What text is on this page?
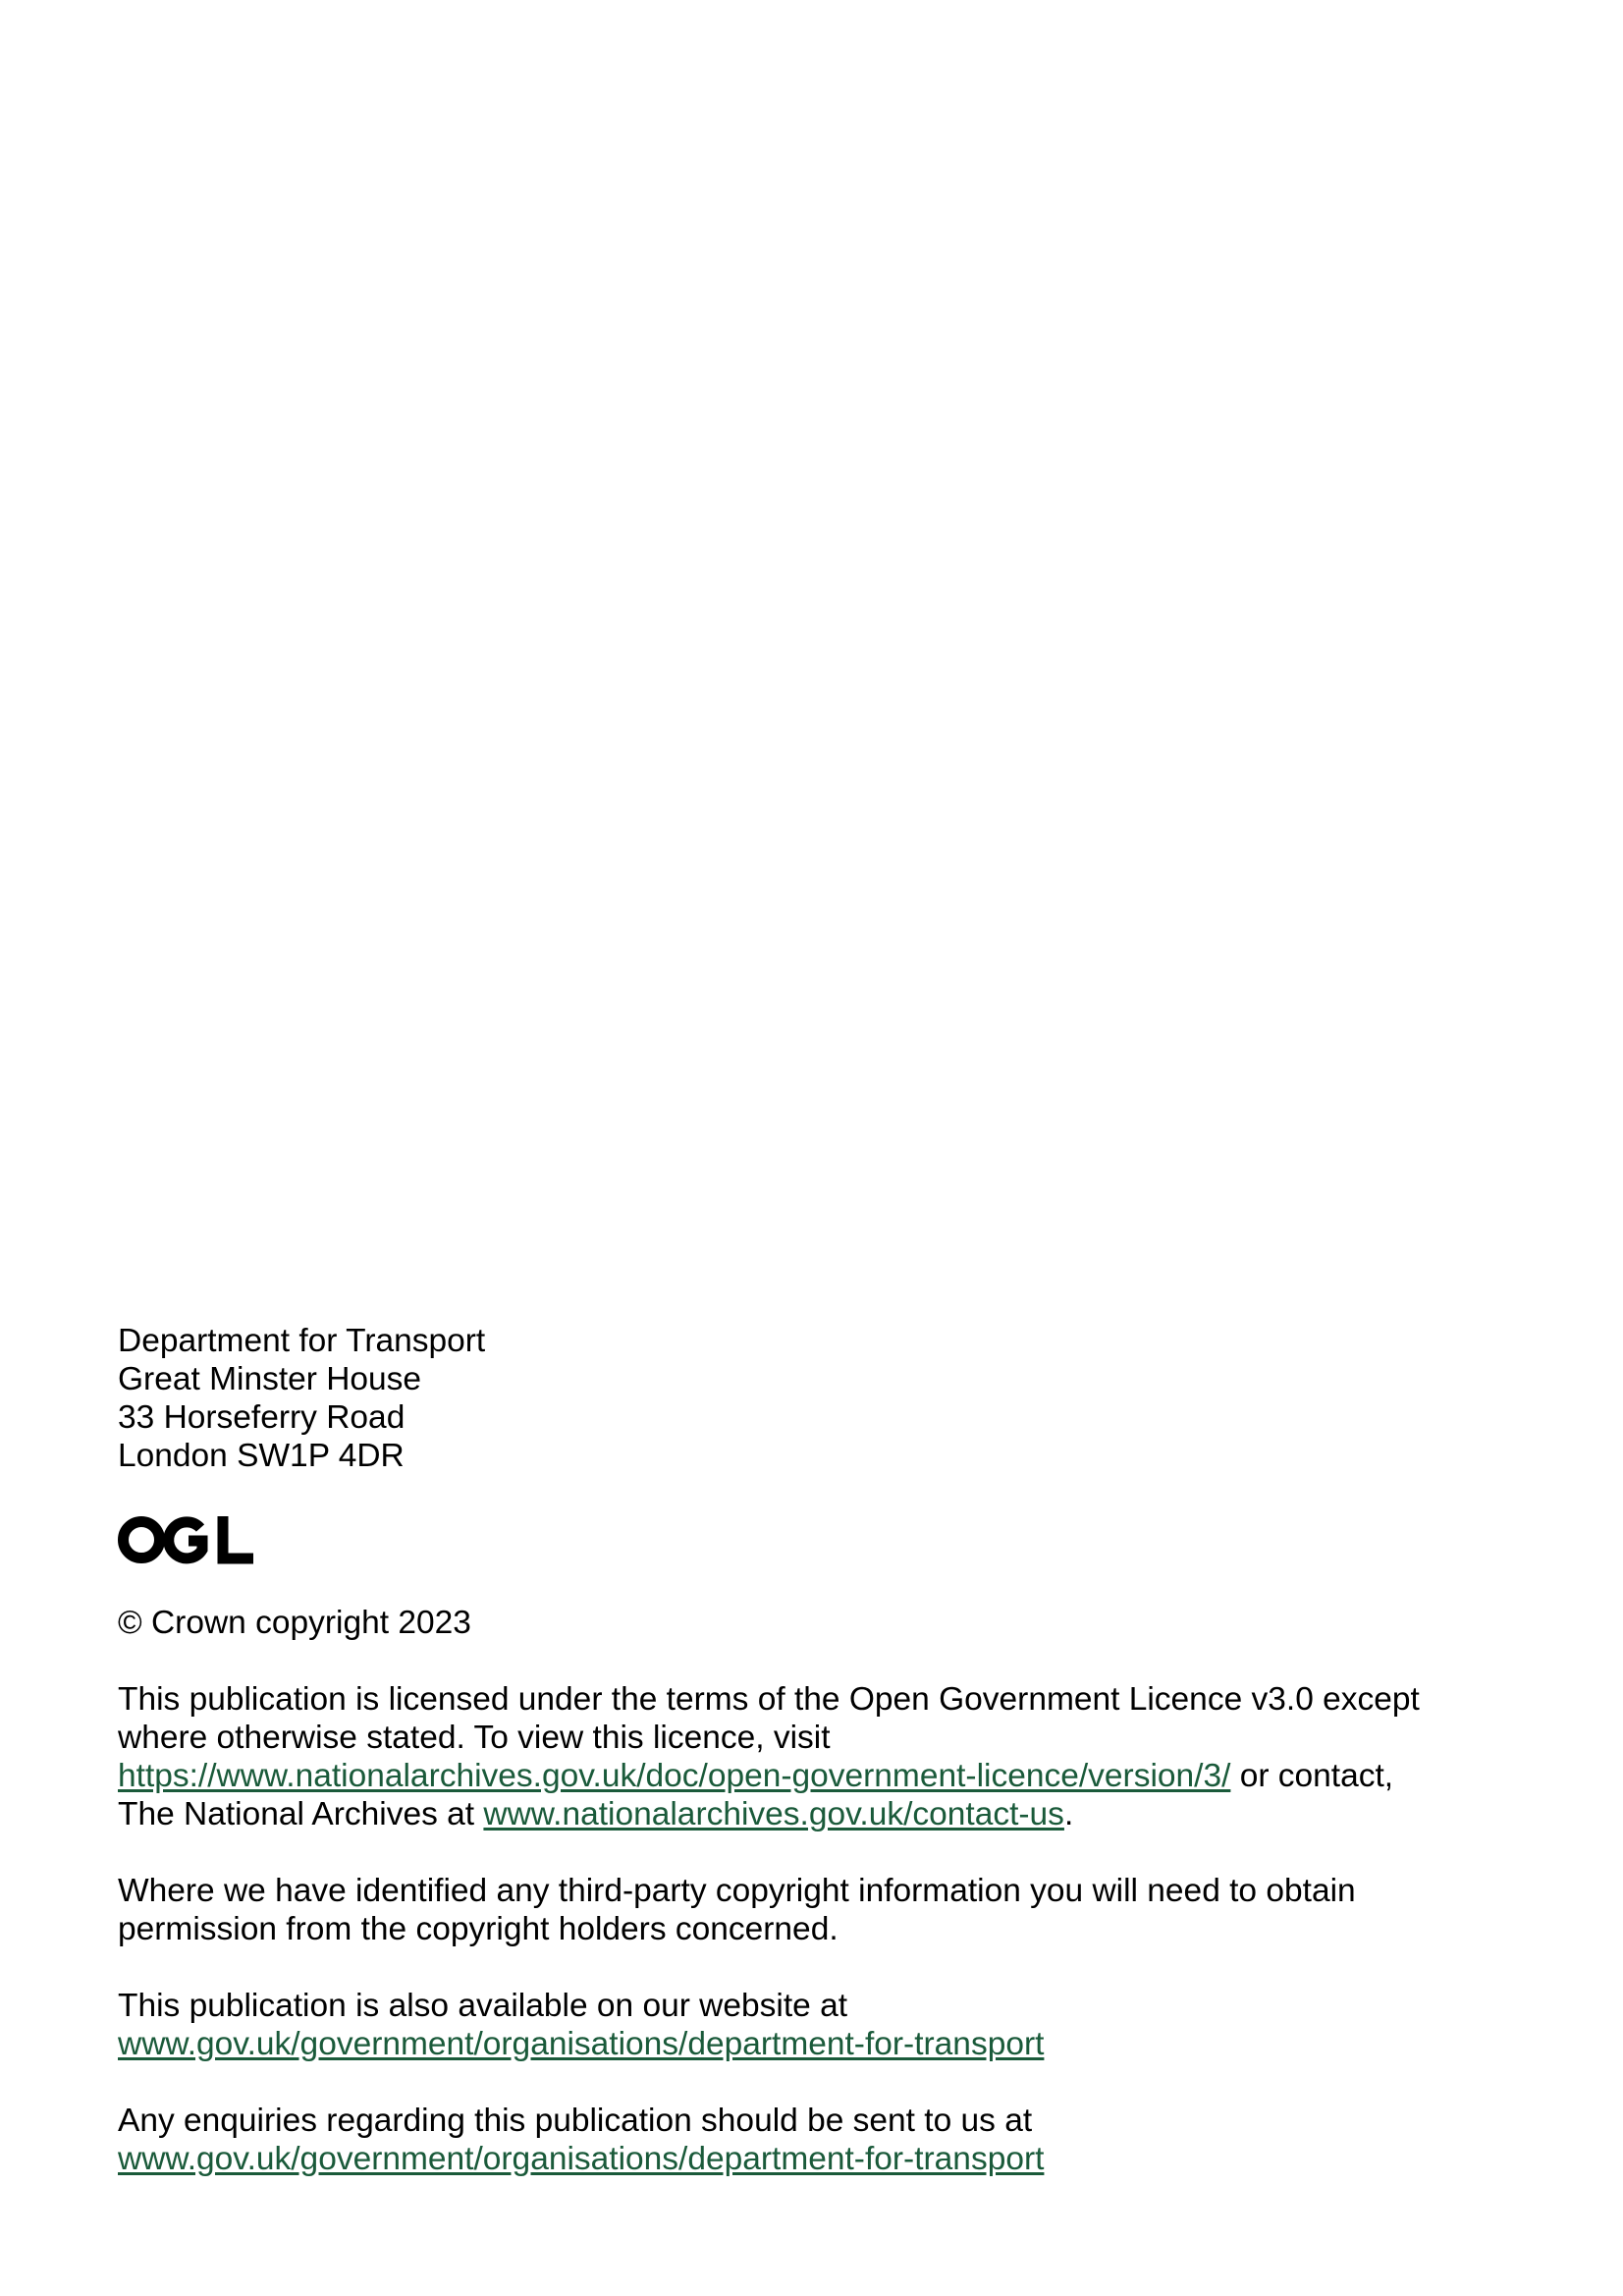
Department for Transport
Great Minster House
33 Horseferry Road
London SW1P 4DR
© Crown copyright 2023
This publication is licensed under the terms of the Open Government Licence v3.0 except
where otherwise stated. To view this licence, visit
https://www.nationalarchives.gov.uk/doc/open-government-licence/version/3/ or contact,
The National Archives at www.nationalarchives.gov.uk/contact-us.
Where we have identified any third-party copyright information you will need to obtain
permission from the copyright holders concerned.
This publication is also available on our website at
www.gov.uk/government/organisations/department-for-transport
Any enquiries regarding this publication should be sent to us at
www.gov.uk/government/organisations/department-for-transport
